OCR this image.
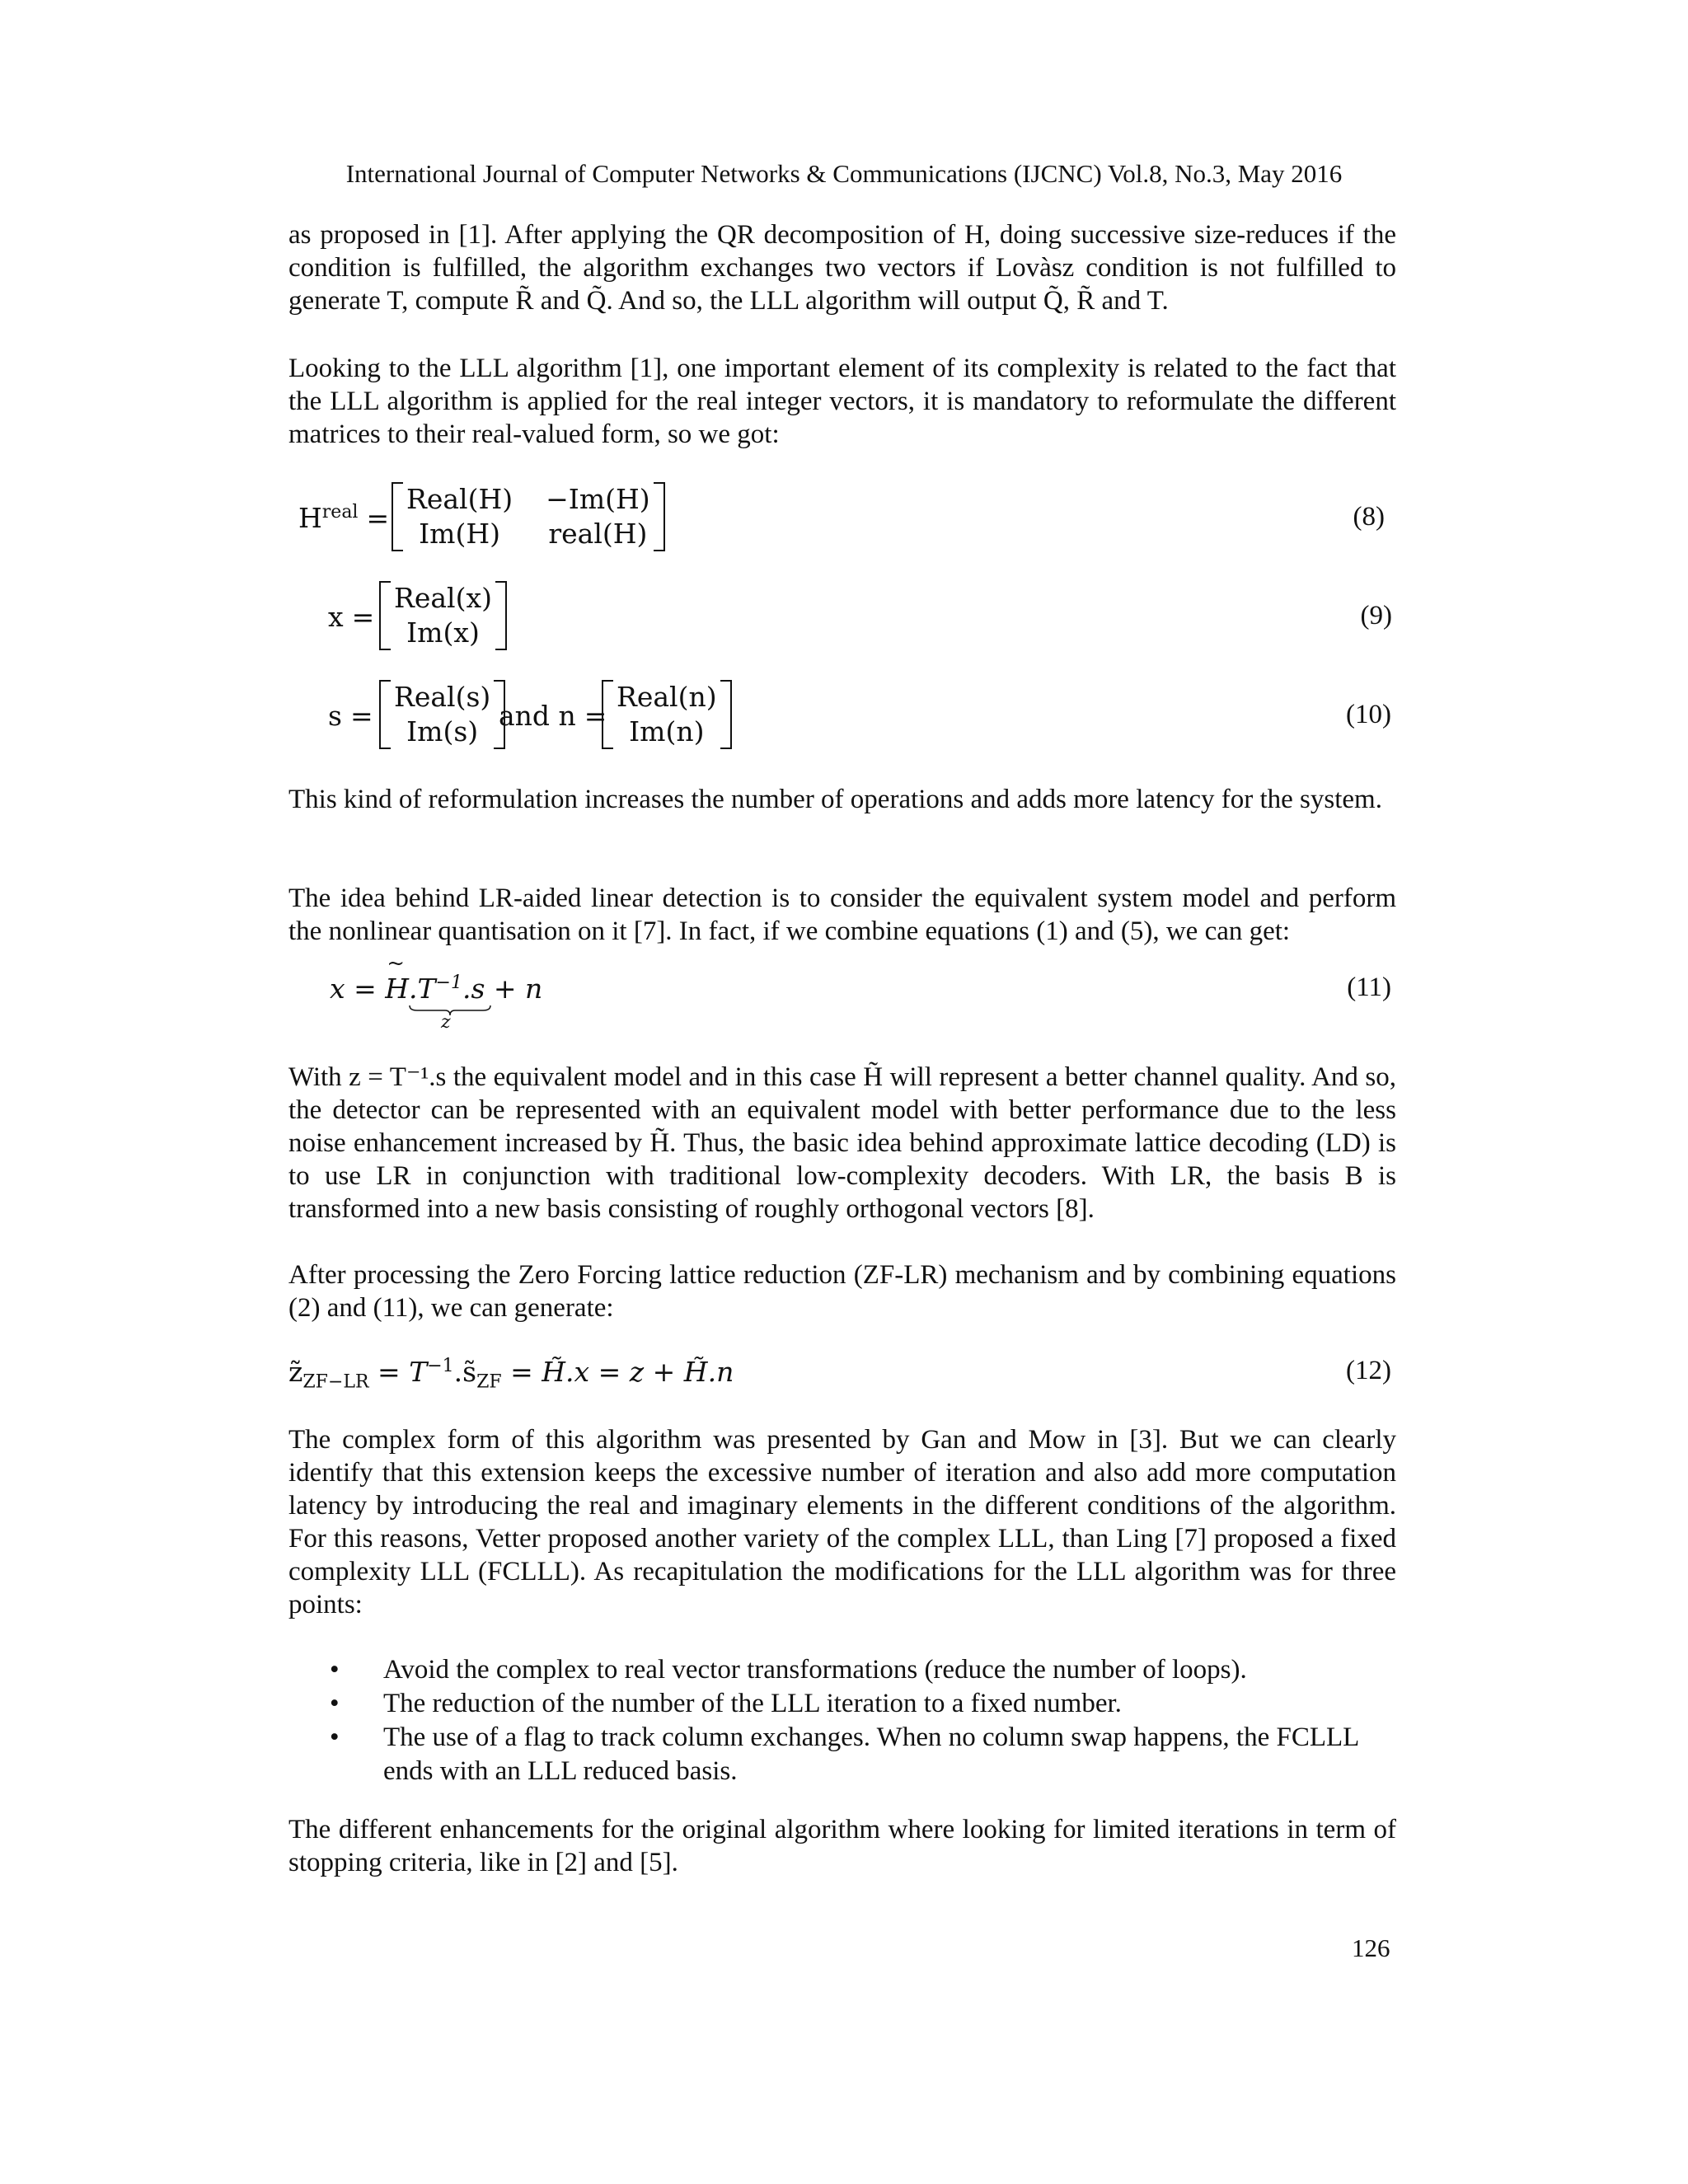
International Journal of Computer Networks & Communications (IJCNC) Vol.8, No.3, May 2016

as proposed in [1]. After applying the QR decomposition of H, doing successive size-reduces if the condition is fulfilled, the algorithm exchanges two vectors if Lovàsz condition is not fulfilled to generate T, compute R̃ and Q̃. And so, the LLL algorithm will output Q̃, R̃ and T.

Looking to the LLL algorithm [1], one important element of its complexity is related to the fact that the LLL algorithm is applied for the real integer vectors, it is mandatory to reformulate the different matrices to their real-valued form, so we got:

$H^{real}$ =
Real(H) −Im(H)
Im(H)	real(H)
(8)
x =
Real(x)
Im(x)
(9)
s =
Real(s)
Im(s) and n =
Real(n)
Im(n)
(10)

This kind of reformulation increases the number of operations and adds more latency for the system.

The idea behind LR-aided linear detection is to consider the equivalent system model and perform the nonlinear quantisation on it [7]. In fact, if we combine equations (1) and (5), we can get:

x = ~ $H.T^{-1}.s$
+ n
z
(11)

With z = T⁻¹.s the equivalent model and in this case H̃ will represent a better channel quality. And so, the detector can be represented with an equivalent model with better performance due to the less noise enhancement increased by H̃. Thus, the basic idea behind approximate lattice decoding (LD) is to use LR in conjunction with traditional low-complexity decoders. With LR, the basis B is transformed into a new basis consisting of roughly orthogonal vectors [8].

After processing the Zero Forcing lattice reduction (ZF-LR) mechanism and by combining equations (2) and (11), we can generate:

$z̃_{ZF-LR}$ = $T^{-1}.s̃_{ZF}$ = H̃.x = z + H̃.n	(12)

The complex form of this algorithm was presented by Gan and Mow in [3]. But we can clearly identify that this extension keeps the excessive number of iteration and also add more computation latency by introducing the real and imaginary elements in the different conditions of the algorithm. For this reasons, Vetter proposed another variety of the complex LLL, than Ling [7] proposed a fixed complexity LLL (FCLLL). As recapitulation the modifications for the LLL algorithm was for three points:

• Avoid the complex to real vector transformations (reduce the number of loops).
• The reduction of the number of the LLL iteration to a fixed number.
• The use of a flag to track column exchanges. When no column swap happens, the FCLLL ends with an LLL reduced basis.

The different enhancements for the original algorithm where looking for limited iterations in term of stopping criteria, like in [2] and [5].

126
